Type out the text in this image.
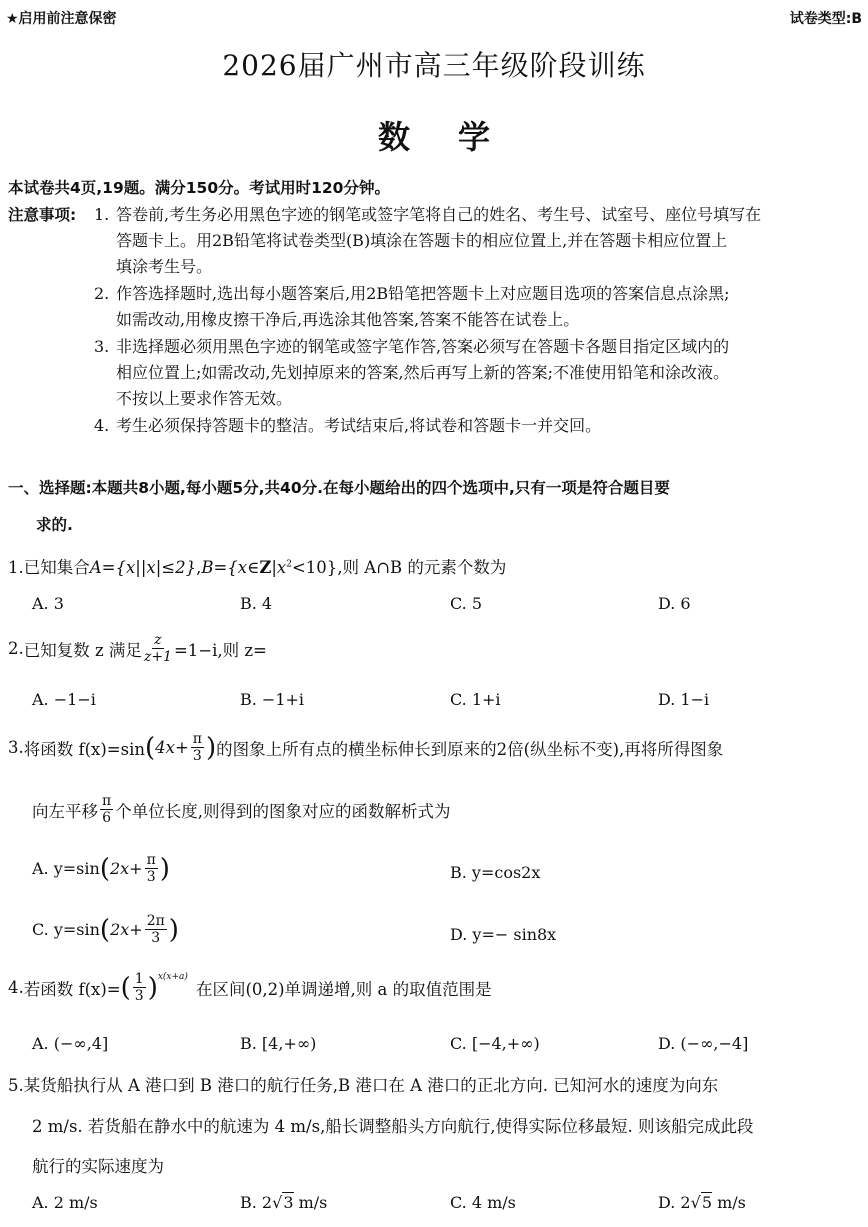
★启用前注意保密	试卷类型:B
2026届广州市高三年级阶段训练
数学
本试卷共4页,19题。满分150分。考试用时120分钟。
注意事项: 1. 答卷前,考生务必用黑色字迹的钢笔或签字笔将自己的姓名、考生号、试室号、座位号填写在
答题卡上。用2B铅笔将试卷类型(B)填涂在答题卡的相应位置上,并在答题卡相应位置上
填涂考生号。
2. 作答选择题时,选出每小题答案后,用2B铅笔把答题卡上对应题目选项的答案信息点涂黑;
如需改动,用橡皮擦干净后,再选涂其他答案,答案不能答在试卷上。
3. 非选择题必须用黑色字迹的钢笔或签字笔作答,答案必须写在答题卡各题目指定区域内的
相应位置上;如需改动,先划掉原来的答案,然后再写上新的答案;不准使用铅笔和涂改液。
不按以上要求作答无效。
4. 考生必须保持答题卡的整洁。考试结束后,将试卷和答题卡一并交回。
一、选择题:本题共8小题,每小题5分,共40分.在每小题给出的四个选项中,只有一项是符合题目要
求的.
1.已知集合$A=\{x||x|\le 2\},B=\{x\in Z|x^2<10\}$,则 A∩B 的元素个数为
A. 3	B. 4	C. 5	D. 6
2. 已知复数 z 满足 $\frac{z}{z+1} =1-i$,则 z=
A. −1−i	B. −1+i	C. 1+i	D. 1−i
3. 将函数 f(x)=sin ( $4x+ \frac{\pi}{3}$ ) 的图象上所有点的横坐标伸长到原来的2倍(纵坐标不变),再将所得图象
向左平移 $\frac{\pi}{6}$ 个单位长度,则得到的图象对应的函数解析式为
A. y=sin ( $2x+ \frac{\pi}{3}$ )	B. y=cos2x
C. y=sin ( $2x+ \frac{2\pi}{3}$ )	D. y=− sin8x
4. 若函数 f(x)= ( $\frac{1}{3}$ ) x(x+a)
在区间(0,2)单调递增,则 a 的取值范围是
A. (−∞,4]	B. [4,+∞)	C. [−4,+∞)	D. (−∞,−4]
5.某货船执行从 A 港口到 B 港口的航行任务,B 港口在 A 港口的正北方向. 已知河水的速度为向东
2 m/s. 若货船在静水中的航速为 4 m/s,船长调整船头方向航行,使得实际位移最短. 则该船完成此段
航行的实际速度为
A. 2 m/s	B. 2√3 m/s	C. 4 m/s	D. 2√5 m/s
